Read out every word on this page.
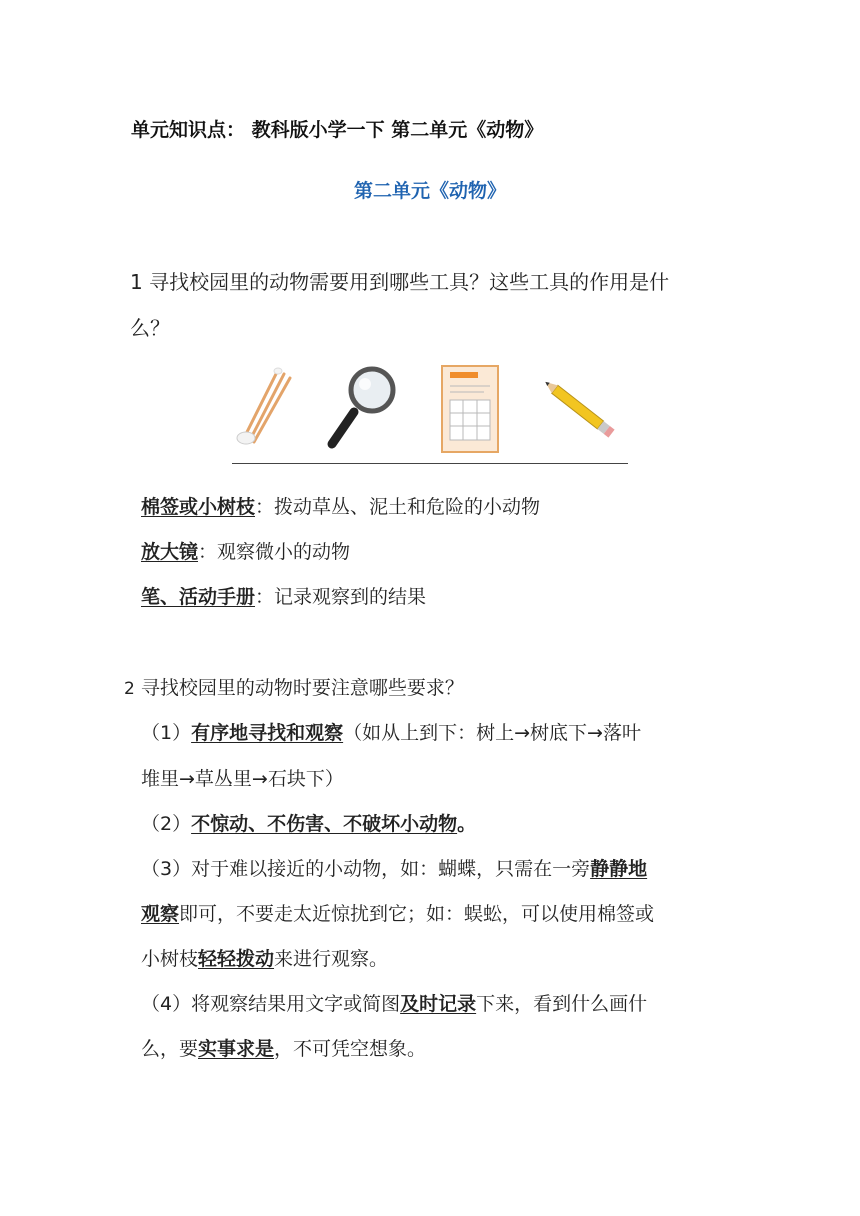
单元知识点： 教科版小学一下 第二单元《动物》
第二单元《动物》
1 寻找校园里的动物需要用到哪些工具？这些工具的作用是什
么？
棉签或小树枝：拨动草丛、泥土和危险的小动物
放大镜：观察微小的动物
笔、活动手册：记录观察到的结果
2 寻找校园里的动物时要注意哪些要求？
（1）有序地寻找和观察（如从上到下：树上→树底下→落叶
堆里→草丛里→石块下）
（2）不惊动、不伤害、不破坏小动物。
（3）对于难以接近的小动物，如：蝴蝶，只需在一旁静静地
观察即可，不要走太近惊扰到它；如：蜈蚣，可以使用棉签或
小树枝轻轻拨动来进行观察。
（4）将观察结果用文字或简图及时记录下来，看到什么画什
么，要实事求是，不可凭空想象。
